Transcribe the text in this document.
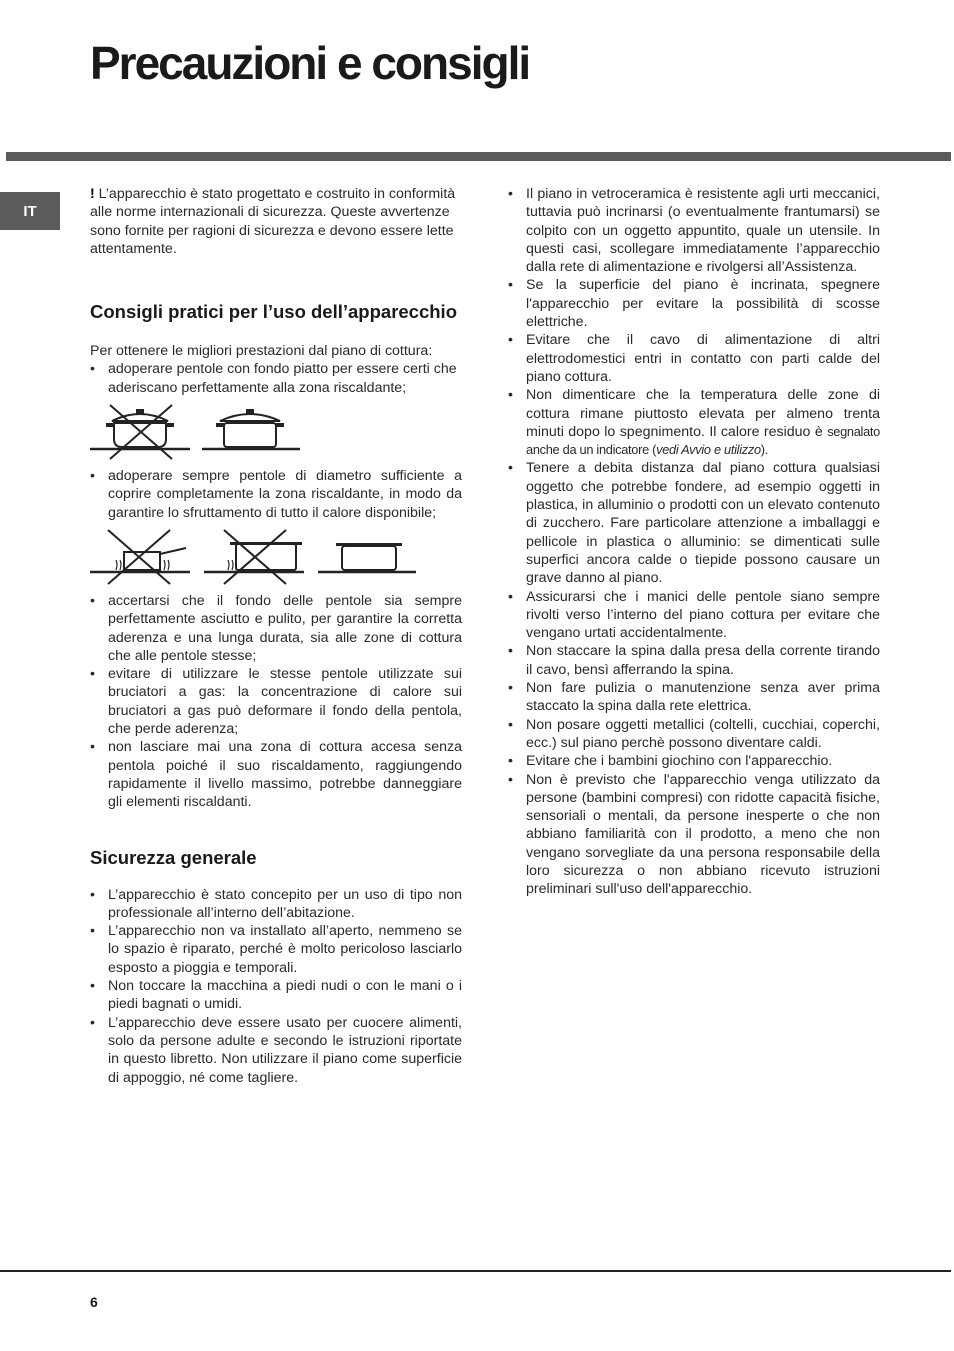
Precauzioni e consigli
IT

! L’apparecchio è stato progettato e costruito in conformità alle norme internazionali di sicurezza. Queste avvertenze sono fornite per ragioni di sicurezza e devono essere lette attentamente.

Consigli pratici per l’uso dell’apparecchio

Per ottenere le migliori prestazioni dal piano di cottura:

• adoperare pentole con fondo piatto per essere certi che aderiscano perfettamente alla zona riscaldante;
• adoperare sempre pentole di diametro sufficiente a coprire completamente la zona riscaldante, in modo da garantire lo sfruttamento di tutto il calore disponibile;
• accertarsi che il fondo delle pentole sia sempre perfettamente asciutto e pulito, per garantire la corretta aderenza e una lunga durata, sia alle zone di cottura che alle pentole stesse;
• evitare di utilizzare le stesse pentole utilizzate sui bruciatori a gas: la concentrazione di calore sui bruciatori a gas può deformare il fondo della pentola, che perde aderenza;
• non lasciare mai una zona di cottura accesa senza pentola poiché il suo riscaldamento, raggiungendo rapidamente il livello massimo, potrebbe danneggiare gli elementi riscaldanti.
Sicurezza generale
• L’apparecchio è stato concepito per un uso di tipo non professionale all’interno dell’abitazione.
• L’apparecchio non va installato all’aperto, nemmeno se lo spazio è riparato, perché è molto pericoloso lasciarlo esposto a pioggia e temporali.
• Non toccare la macchina a piedi nudi o con le mani o i piedi bagnati o umidi.
• L’apparecchio deve essere usato per cuocere alimenti, solo da persone adulte e secondo le istruzioni riportate in questo libretto. Non utilizzare il piano come superficie di appoggio, né come tagliere.
• Il piano in vetroceramica è resistente agli urti meccanici, tuttavia può incrinarsi (o eventualmente frantumarsi) se colpito con un oggetto appuntito, quale un utensile. In questi casi, scollegare immediatamente l’apparecchio dalla rete di alimentazione e rivolgersi all’Assistenza.
• Se la superficie del piano è incrinata, spegnere l'apparecchio per evitare la possibilità di scosse elettriche.
• Evitare che il cavo di alimentazione di altri elettrodomestici entri in contatto con parti calde del piano cottura.
• Non dimenticare che la temperatura delle zone di cottura rimane piuttosto elevata per almeno trenta minuti dopo lo spegnimento. Il calore residuo è segnalato anche da un indicatore (vedi Avvio e utilizzo).
• Tenere a debita distanza dal piano cottura qualsiasi oggetto che potrebbe fondere, ad esempio oggetti in plastica, in alluminio o prodotti con un elevato contenuto di zucchero. Fare particolare attenzione a imballaggi e pellicole in plastica o alluminio: se dimenticati sulle superfici ancora calde o tiepide possono causare un grave danno al piano.
• Assicurarsi che i manici delle pentole siano sempre rivolti verso l’interno del piano cottura per evitare che vengano urtati accidentalmente.
• Non staccare la spina dalla presa della corrente tirando il cavo, bensì afferrando la spina.
• Non fare pulizia o manutenzione senza aver prima staccato la spina dalla rete elettrica.
• Non posare oggetti metallici (coltelli, cucchiai, coperchi, ecc.) sul piano perchè possono diventare caldi.
• Evitare che i bambini giochino con l'apparecchio.
• Non è previsto che l'apparecchio venga utilizzato da persone (bambini compresi) con ridotte capacità fisiche, sensoriali o mentali, da persone inesperte o che non abbiano familiarità con il prodotto, a meno che non vengano sorvegliate da una persona responsabile della loro sicurezza o non abbiano ricevuto istruzioni preliminari sull'uso dell'apparecchio.
6
